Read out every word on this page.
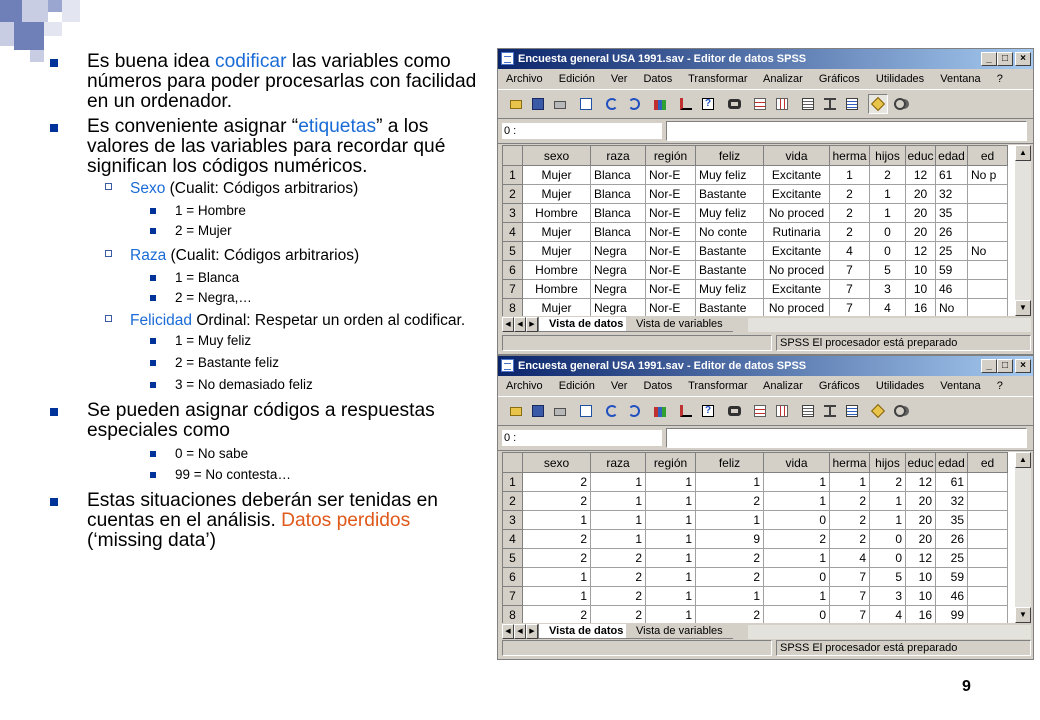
Es buena idea codificar las variables como números para poder procesarlas con facilidad en un ordenador.

Es conveniente asignar “etiquetas” a los valores de las variables para recordar qué significan los códigos numéricos.

Sexo (Cualit: Códigos arbitrarios)

1 = Hombre

2 = Mujer

Raza (Cualit: Códigos arbitrarios)

1 = Blanca

2 = Negra,…

Felicidad Ordinal: Respetar un orden al codificar.

1 = Muy feliz

2 = Bastante feliz

3 = No demasiado feliz

Se pueden asignar códigos a respuestas especiales como

0 = No sabe

99 = No contesta…

Estas situaciones deberán ser tenidas en cuentas en el análisis. Datos perdidos (‘missing data’)

9
Encuesta general USA 1991.sav - Editor de datos SPSS	_	□	×
Archivo Edición Ver Datos Transformar Analizar Gráficos Utilidades Ventana ?
?
0 :
	sexo	raza	región	feliz	vida	herma	hijos	educ	edad	ed
1	Mujer	Blanca	Nor-E	Muy feliz	Excitante	1	2	12	61	No p
2	Mujer	Blanca	Nor-E	Bastante	Excitante	2	1	20	32	
3	Hombre	Blanca	Nor-E	Muy feliz	No proced	2	1	20	35	
4	Mujer	Blanca	Nor-E	No conte	Rutinaria	2	0	20	26	
5	Mujer	Negra	Nor-E	Bastante	Excitante	4	0	12	25	No
6	Hombre	Negra	Nor-E	Bastante	No proced	7	5	10	59	
7	Hombre	Negra	Nor-E	Muy feliz	Excitante	7	3	10	46	
8	Mujer	Negra	Nor-E	Bastante	No proced	7	4	16	No	
▲
▼
◀ ◀ ▶	Vista de datos	Vista de variables
SPSS El procesador está preparado
Encuesta general USA 1991.sav - Editor de datos SPSS	_	□	×
Archivo Edición Ver Datos Transformar Analizar Gráficos Utilidades Ventana ?
?
0 :
	sexo	raza	región	feliz	vida	herma	hijos	educ	edad	ed
1	2	1	1	1	1	1	2	12	61	
2	2	1	1	2	1	2	1	20	32	
3	1	1	1	1	0	2	1	20	35	
4	2	1	1	9	2	2	0	20	26	
5	2	2	1	2	1	4	0	12	25	
6	1	2	1	2	0	7	5	10	59	
7	1	2	1	1	1	7	3	10	46	
8	2	2	1	2	0	7	4	16	99	
▲
▼
◀ ◀ ▶	Vista de datos	Vista de variables
SPSS El procesador está preparado
